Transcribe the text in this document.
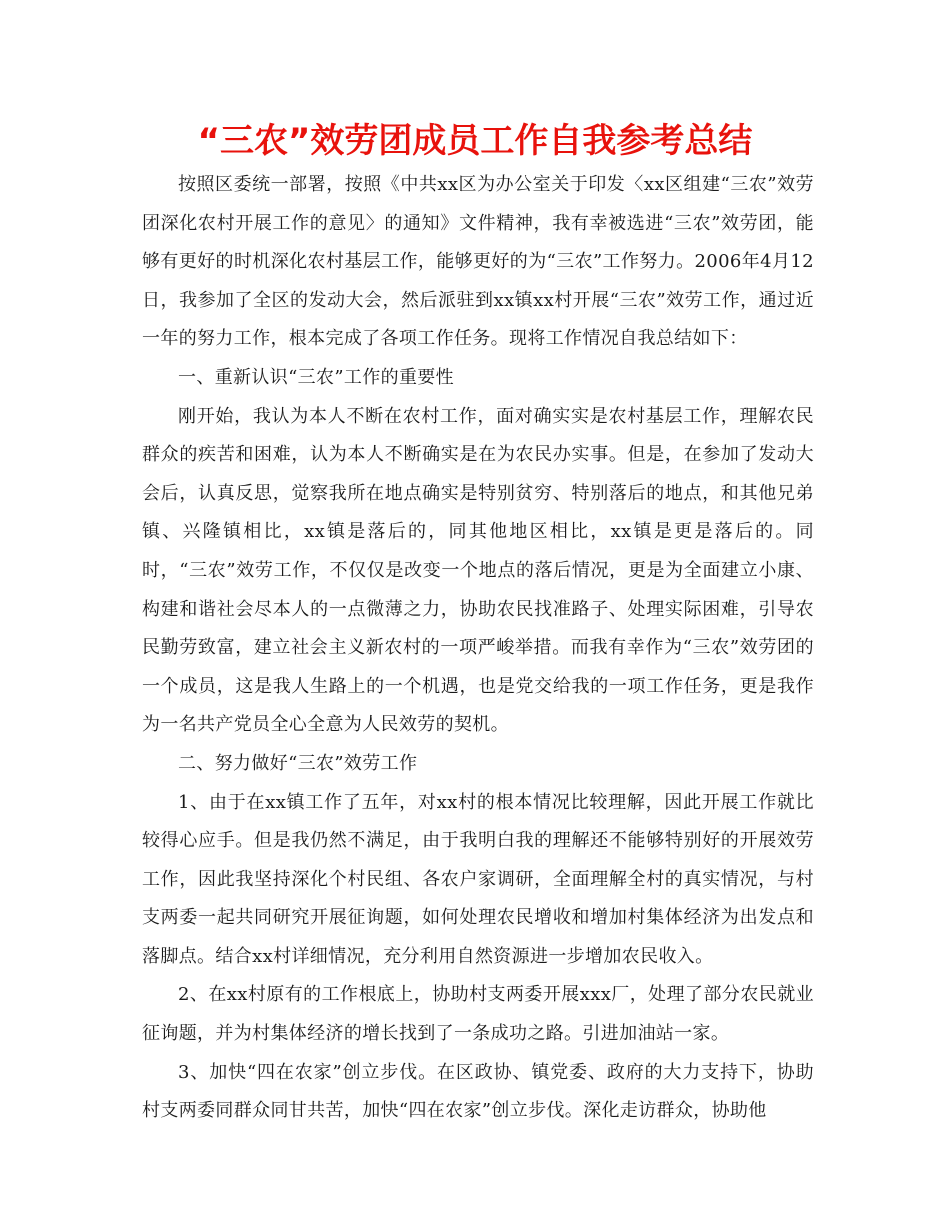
“三农”效劳团成员工作自我参考总结

按照区委统一部署，按照《中共xx区为办公室关于印发〈xx区组建“三农”效劳团深化农村开展工作的意见〉的通知》文件精神，我有幸被选进“三农”效劳团，能够有更好的时机深化农村基层工作，能够更好的为“三农”工作努力。2006年4月12日，我参加了全区的发动大会，然后派驻到xx镇xx村开展“三农”效劳工作，通过近一年的努力工作，根本完成了各项工作任务。现将工作情况自我总结如下：

一、重新认识“三农”工作的重要性

刚开始，我认为本人不断在农村工作，面对确实实是农村基层工作，理解农民群众的疾苦和困难，认为本人不断确实是在为农民办实事。但是，在参加了发动大会后，认真反思，觉察我所在地点确实是特别贫穷、特别落后的地点，和其他兄弟镇、兴隆镇相比，xx镇是落后的，同其他地区相比，xx镇是更是落后的。同时，“三农”效劳工作，不仅仅是改变一个地点的落后情况，更是为全面建立小康、构建和谐社会尽本人的一点微薄之力，协助农民找准路子、处理实际困难，引导农民勤劳致富，建立社会主义新农村的一项严峻举措。而我有幸作为“三农”效劳团的一个成员，这是我人生路上的一个机遇，也是党交给我的一项工作任务，更是我作为一名共产党员全心全意为人民效劳的契机。

二、努力做好“三农”效劳工作

1、由于在xx镇工作了五年，对xx村的根本情况比较理解，因此开展工作就比较得心应手。但是我仍然不满足，由于我明白我的理解还不能够特别好的开展效劳工作，因此我坚持深化个村民组、各农户家调研，全面理解全村的真实情况，与村支两委一起共同研究开展征询题，如何处理农民增收和增加村集体经济为出发点和落脚点。结合xx村详细情况，充分利用自然资源进一步增加农民收入。

2、在xx村原有的工作根底上，协助村支两委开展xxx厂，处理了部分农民就业征询题，并为村集体经济的增长找到了一条成功之路。引进加油站一家。

3、加快“四在农家”创立步伐。在区政协、镇党委、政府的大力支持下，协助村支两委同群众同甘共苦，加快“四在农家”创立步伐。深化走访群众，协助他
